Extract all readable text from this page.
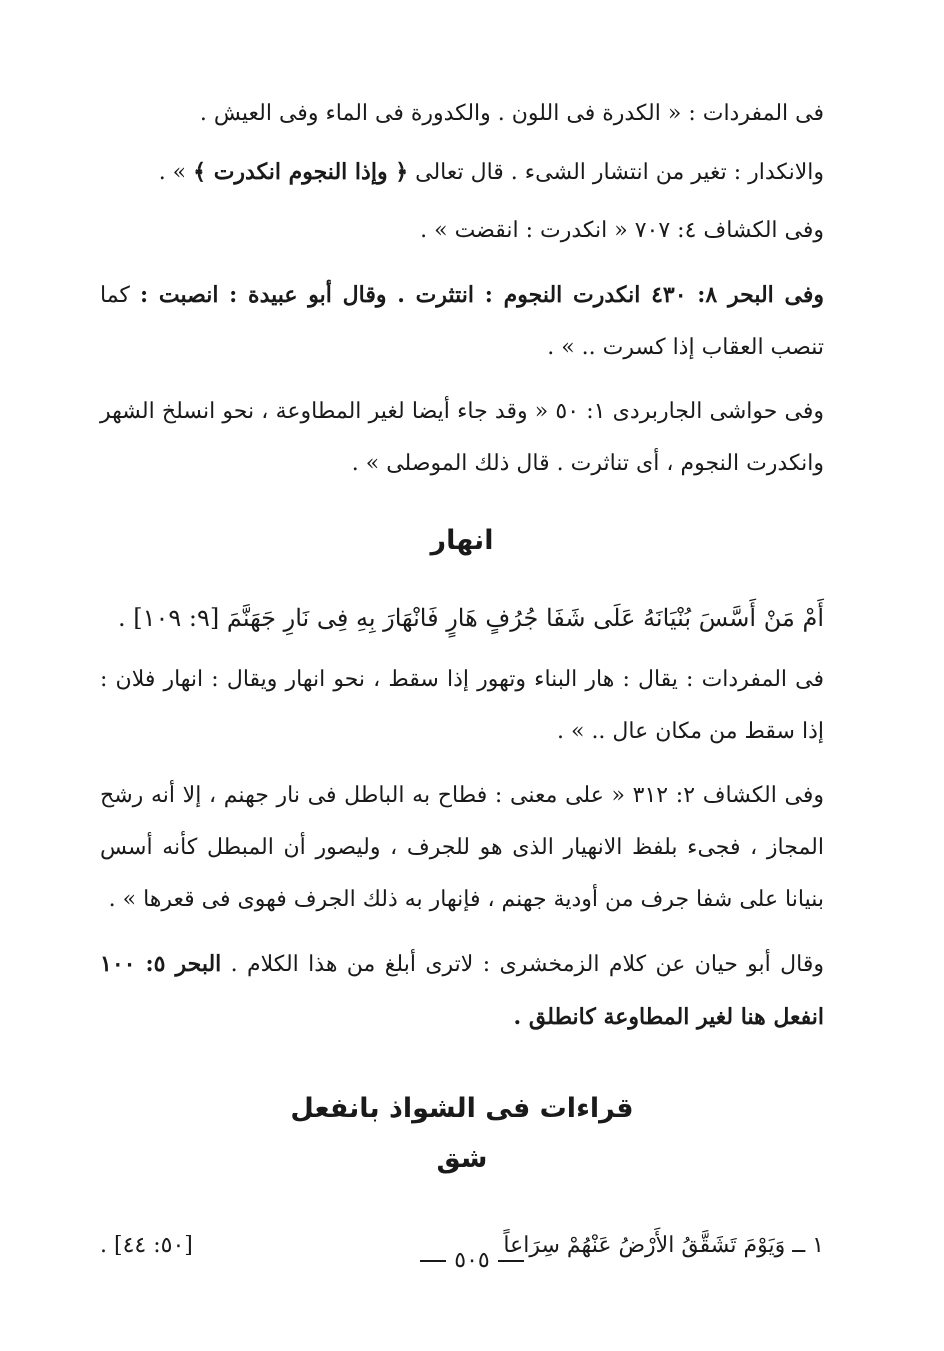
فى المفردات : « الكدرة فى اللون . والكدورة فى الماء وفى العيش .

والانكدار : تغير من انتشار الشىء . قال تعالى ﴿ وإذا النجوم انكدرت ﴾ » .

وفى الكشاف ٤: ٧٠٧ « انكدرت : انقضت » .

وفى البحر ٨: ٤٣٠ انكدرت النجوم : انتثرت . وقال أبو عبيدة : انصبت : كما تنصب العقاب إذا كسرت .. » .

وفى حواشى الجاربردى ١: ٥٠ « وقد جاء أيضا لغير المطاوعة ، نحو انسلخ الشهر وانكدرت النجوم ، أى تناثرت . قال ذلك الموصلى » .

انهار

أَمْ مَنْ أَسَّسَ بُنْيَانَهُ عَلَى شَفَا جُرُفٍ هَارٍ فَانْهَارَ بِهِ فِى نَارِ جَهَنَّمَ [٩: ١٠٩] .

فى المفردات : يقال : هار البناء وتهور إذا سقط ، نحو انهار ويقال : انهار فلان : إذا سقط من مكان عال .. » .

وفى الكشاف ٢: ٣١٢ « على معنى : فطاح به الباطل فى نار جهنم ، إلا أنه رشح المجاز ، فجىء بلفظ الانهيار الذى هو للجرف ، وليصور أن المبطل كأنه أسس بنيانا على شفا جرف من أودية جهنم ، فإنهار به ذلك الجرف فهوى فى قعرها » .

وقال أبو حيان عن كلام الزمخشرى : لاترى أبلغ من هذا الكلام . البحر ٥: ١٠٠ انفعل هنا لغير المطاوعة كانطلق .

قراءات فى الشواذ بانفعل
شق
١ ــ وَيَوْمَ تَشَقَّقُ الأَرْضُ عَنْهُمْ سِرَاعاً
[٥٠: ٤٤] .
٥٠٥
